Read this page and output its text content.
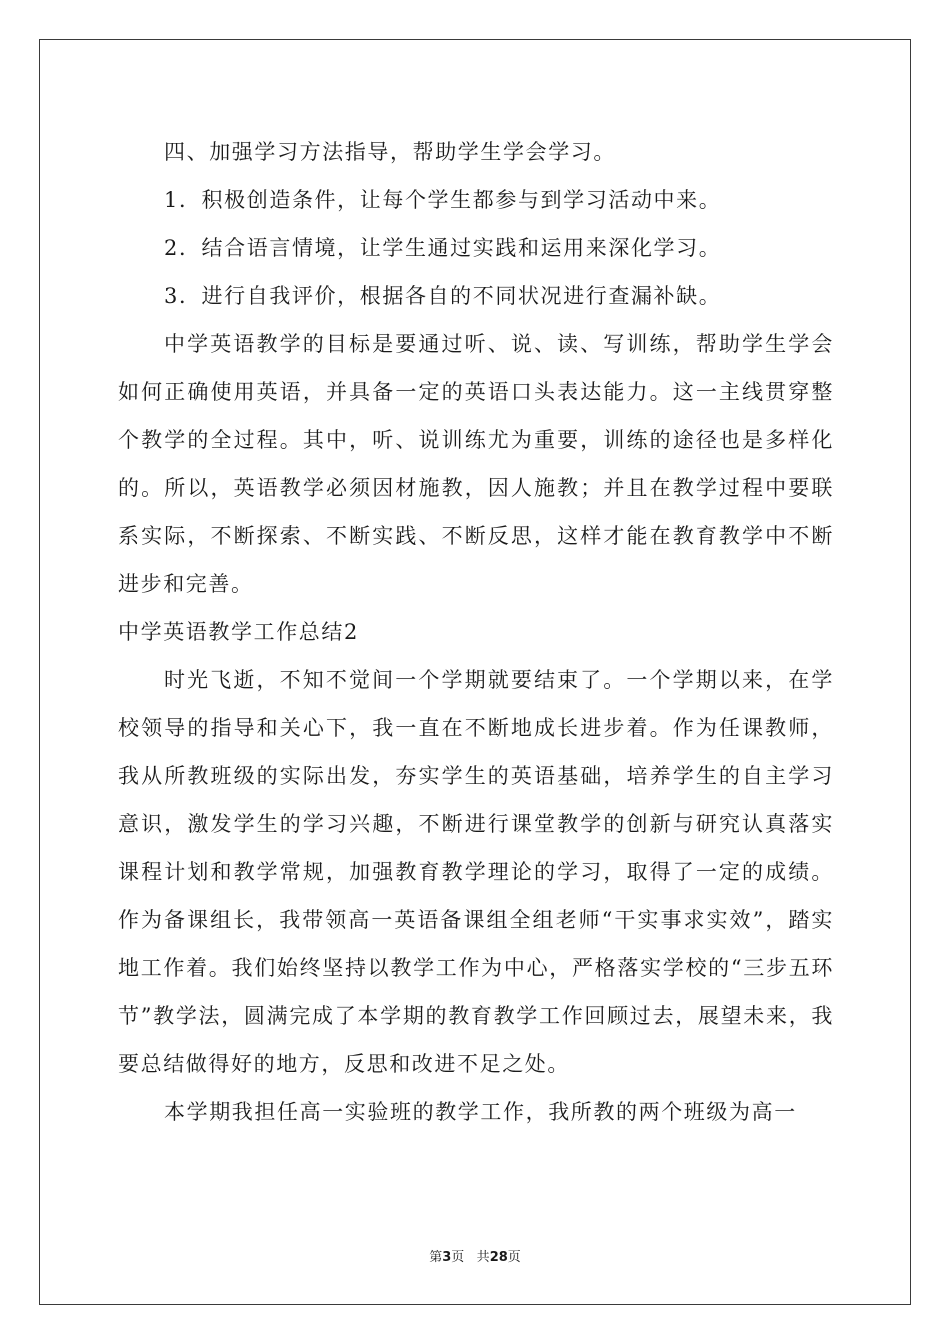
四、加强学习方法指导，帮助学生学会学习。

1．积极创造条件，让每个学生都参与到学习活动中来。

2．结合语言情境，让学生通过实践和运用来深化学习。

3．进行自我评价，根据各自的不同状况进行查漏补缺。

中学英语教学的目标是要通过听、说、读、写训练，帮助学生学会如何正确使用英语，并具备一定的英语口头表达能力。这一主线贯穿整个教学的全过程。其中，听、说训练尤为重要，训练的途径也是多样化的。所以，英语教学必须因材施教，因人施教；并且在教学过程中要联系实际，不断探索、不断实践、不断反思，这样才能在教育教学中不断进步和完善。

中学英语教学工作总结2

时光飞逝，不知不觉间一个学期就要结束了。一个学期以来，在学校领导的指导和关心下，我一直在不断地成长进步着。作为任课教师，我从所教班级的实际出发，夯实学生的英语基础，培养学生的自主学习意识，激发学生的学习兴趣，不断进行课堂教学的创新与研究认真落实课程计划和教学常规，加强教育教学理论的学习，取得了一定的成绩。作为备课组长，我带领高一英语备课组全组老师“干实事求实效”，踏实地工作着。我们始终坚持以教学工作为中心，严格落实学校的“三步五环节”教学法，圆满完成了本学期的教育教学工作回顾过去，展望未来，我要总结做得好的地方，反思和改进不足之处。

本学期我担任高一实验班的教学工作，我所教的两个班级为高一

第3页 共28页
